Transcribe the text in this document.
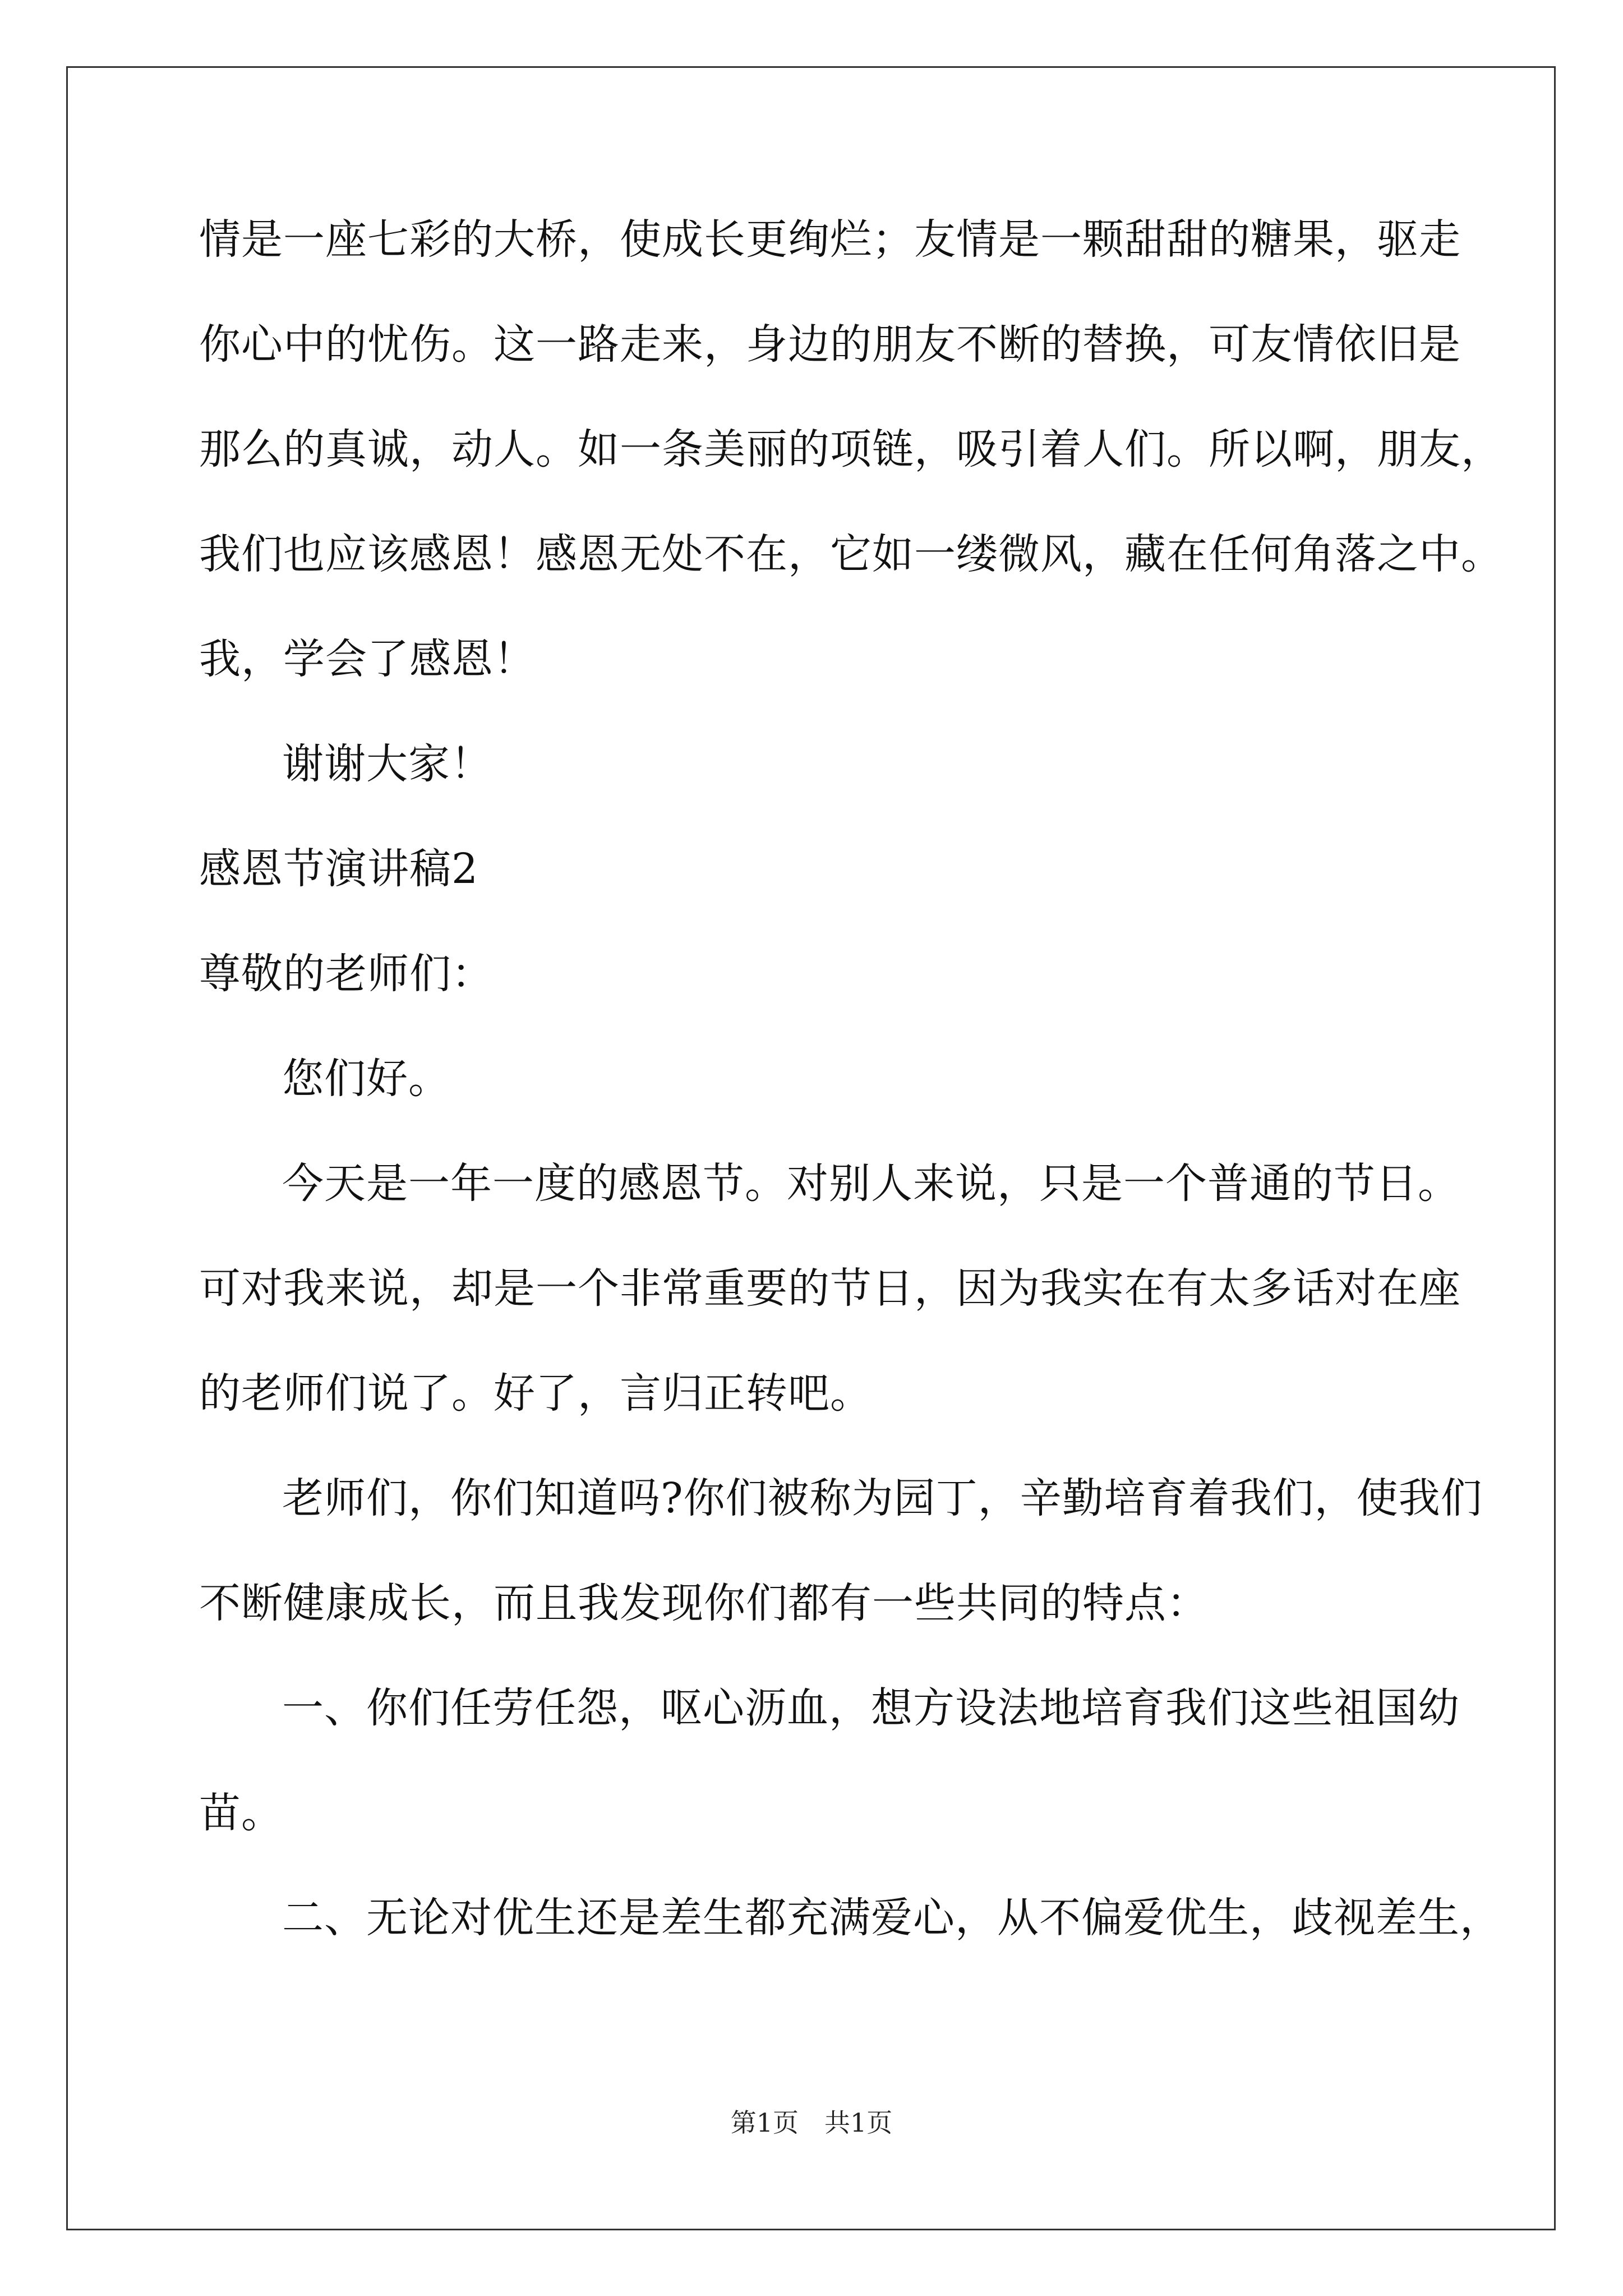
情是一座七彩的大桥，使成长更绚烂；友情是一颗甜甜的糖果，驱走
你心中的忧伤。这一路走来，身边的朋友不断的替换，可友情依旧是
那么的真诚，动人。如一条美丽的项链，吸引着人们。所以啊，朋友，
我们也应该感恩！感恩无处不在，它如一缕微风，藏在任何角落之中。
我，学会了感恩！
谢谢大家！
感恩节演讲稿2
尊敬的老师们：
您们好。
今天是一年一度的感恩节。对别人来说，只是一个普通的节日。
可对我来说，却是一个非常重要的节日，因为我实在有太多话对在座
的老师们说了。好了，言归正转吧。
老师们，你们知道吗?你们被称为园丁，辛勤培育着我们，使我们
不断健康成长，而且我发现你们都有一些共同的特点：
一、你们任劳任怨，呕心沥血，想方设法地培育我们这些祖国幼
苗。
二、无论对优生还是差生都充满爱心，从不偏爱优生，歧视差生，
第1页 共1页
